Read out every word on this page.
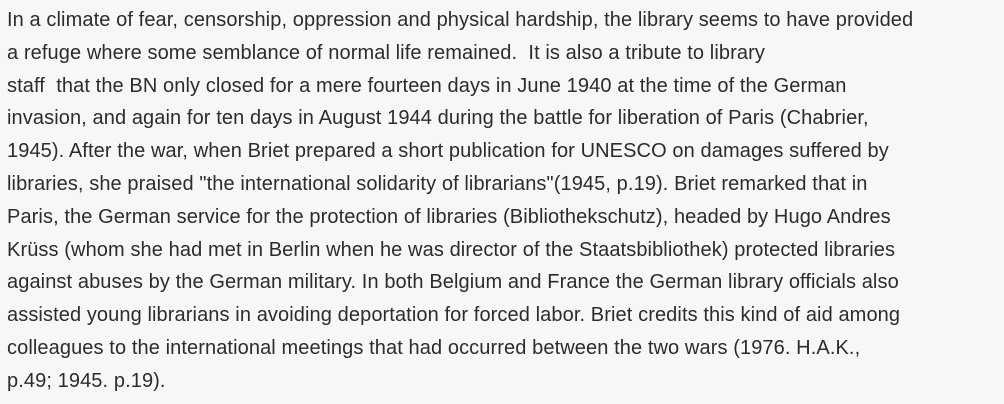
In a climate of fear, censorship, oppression and physical hardship, the library seems to have provided
a refuge where some semblance of normal life remained.  It is also a tribute to library
staff  that the BN only closed for a mere fourteen days in June 1940 at the time of the German
invasion, and again for ten days in August 1944 during the battle for liberation of Paris (Chabrier,
1945). After the war, when Briet prepared a short publication for UNESCO on damages suffered by
libraries, she praised "the international solidarity of librarians"(1945, p.19). Briet remarked that in
Paris, the German service for the protection of libraries (Bibliothekschutz), headed by Hugo Andres
Krüss (whom she had met in Berlin when he was director of the Staatsbibliothek) protected libraries
against abuses by the German military. In both Belgium and France the German library officials also
assisted young librarians in avoiding deportation for forced labor. Briet credits this kind of aid among
colleagues to the international meetings that had occurred between the two wars (1976. H.A.K.,
p.49; 1945. p.19).
